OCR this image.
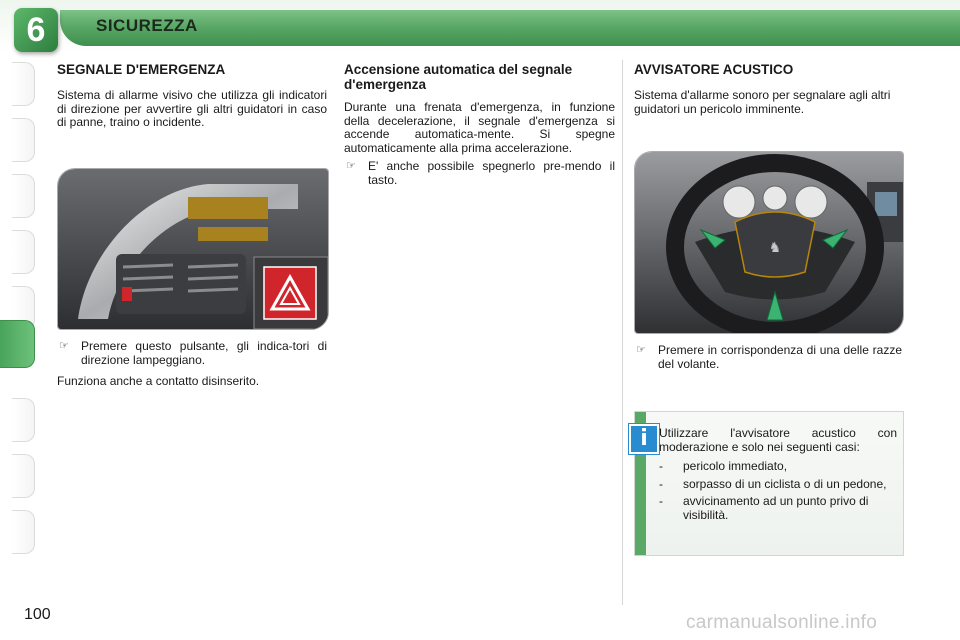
6	SICUREZZA
SEGNALE D'EMERGENZA

Sistema di allarme visivo che utilizza gli indicatori di direzione per avvertire gli altri guidatori in caso di panne, traino o incidente.

☞ Premere questo pulsante, gli indica-tori di direzione lampeggiano.

Funziona anche a contatto disinserito.

Accensione automatica del segnale d'emergenza

Durante una frenata d'emergenza, in funzione della decelerazione, il segnale d'emergenza si accende automatica-mente. Si spegne automaticamente alla prima accelerazione.

☞ E' anche possibile spegnerlo pre-mendo il tasto.
AVVISATORE ACUSTICO

Sistema d'allarme sonoro per segnalare agli altri guidatori un pericolo imminente.

♞
☞ Premere in corrispondenza di una delle razze del volante.
i Utilizzare l'avvisatore acustico con moderazione e solo nei seguenti casi:

- pericolo immediato,
- sorpasso di un ciclista o di un pedone,
- avvicinamento ad un punto privo di visibilità.
100	carmanualsonline.info
